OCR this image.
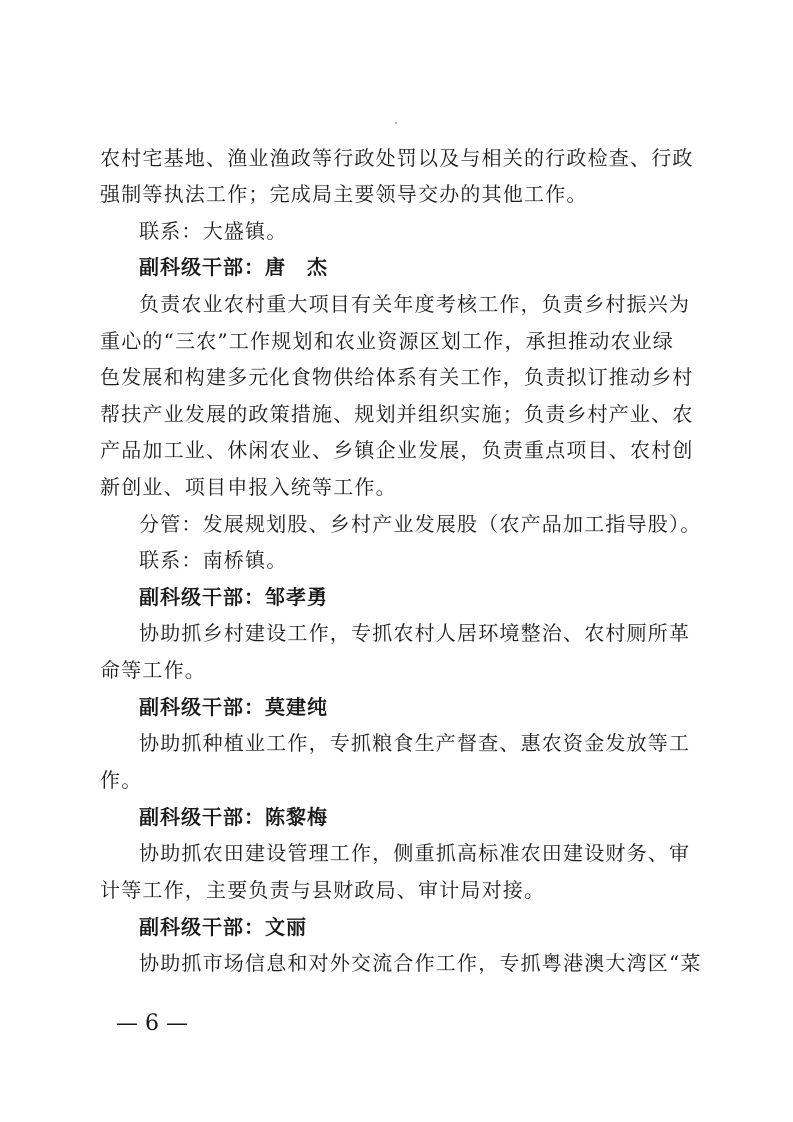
农村宅基地、渔业渔政等行政处罚以及与相关的行政检查、行政
强制等执法工作；完成局主要领导交办的其他工作。
联系：大盛镇。
副科级干部：唐　杰
负责农业农村重大项目有关年度考核工作，负责乡村振兴为
重心的“三农”工作规划和农业资源区划工作，承担推动农业绿
色发展和构建多元化食物供给体系有关工作，负责拟订推动乡村
帮扶产业发展的政策措施、规划并组织实施；负责乡村产业、农
产品加工业、休闲农业、乡镇企业发展，负责重点项目、农村创
新创业、项目申报入统等工作。
分管：发展规划股、乡村产业发展股（农产品加工指导股）。
联系：南桥镇。
副科级干部：邹孝勇
协助抓乡村建设工作，专抓农村人居环境整治、农村厕所革
命等工作。
副科级干部：莫建纯
协助抓种植业工作，专抓粮食生产督查、惠农资金发放等工
作。
副科级干部：陈黎梅
协助抓农田建设管理工作，侧重抓高标准农田建设财务、审
计等工作，主要负责与县财政局、审计局对接。
副科级干部：文丽
协助抓市场信息和对外交流合作工作，专抓粤港澳大湾区“菜
— 6 —
